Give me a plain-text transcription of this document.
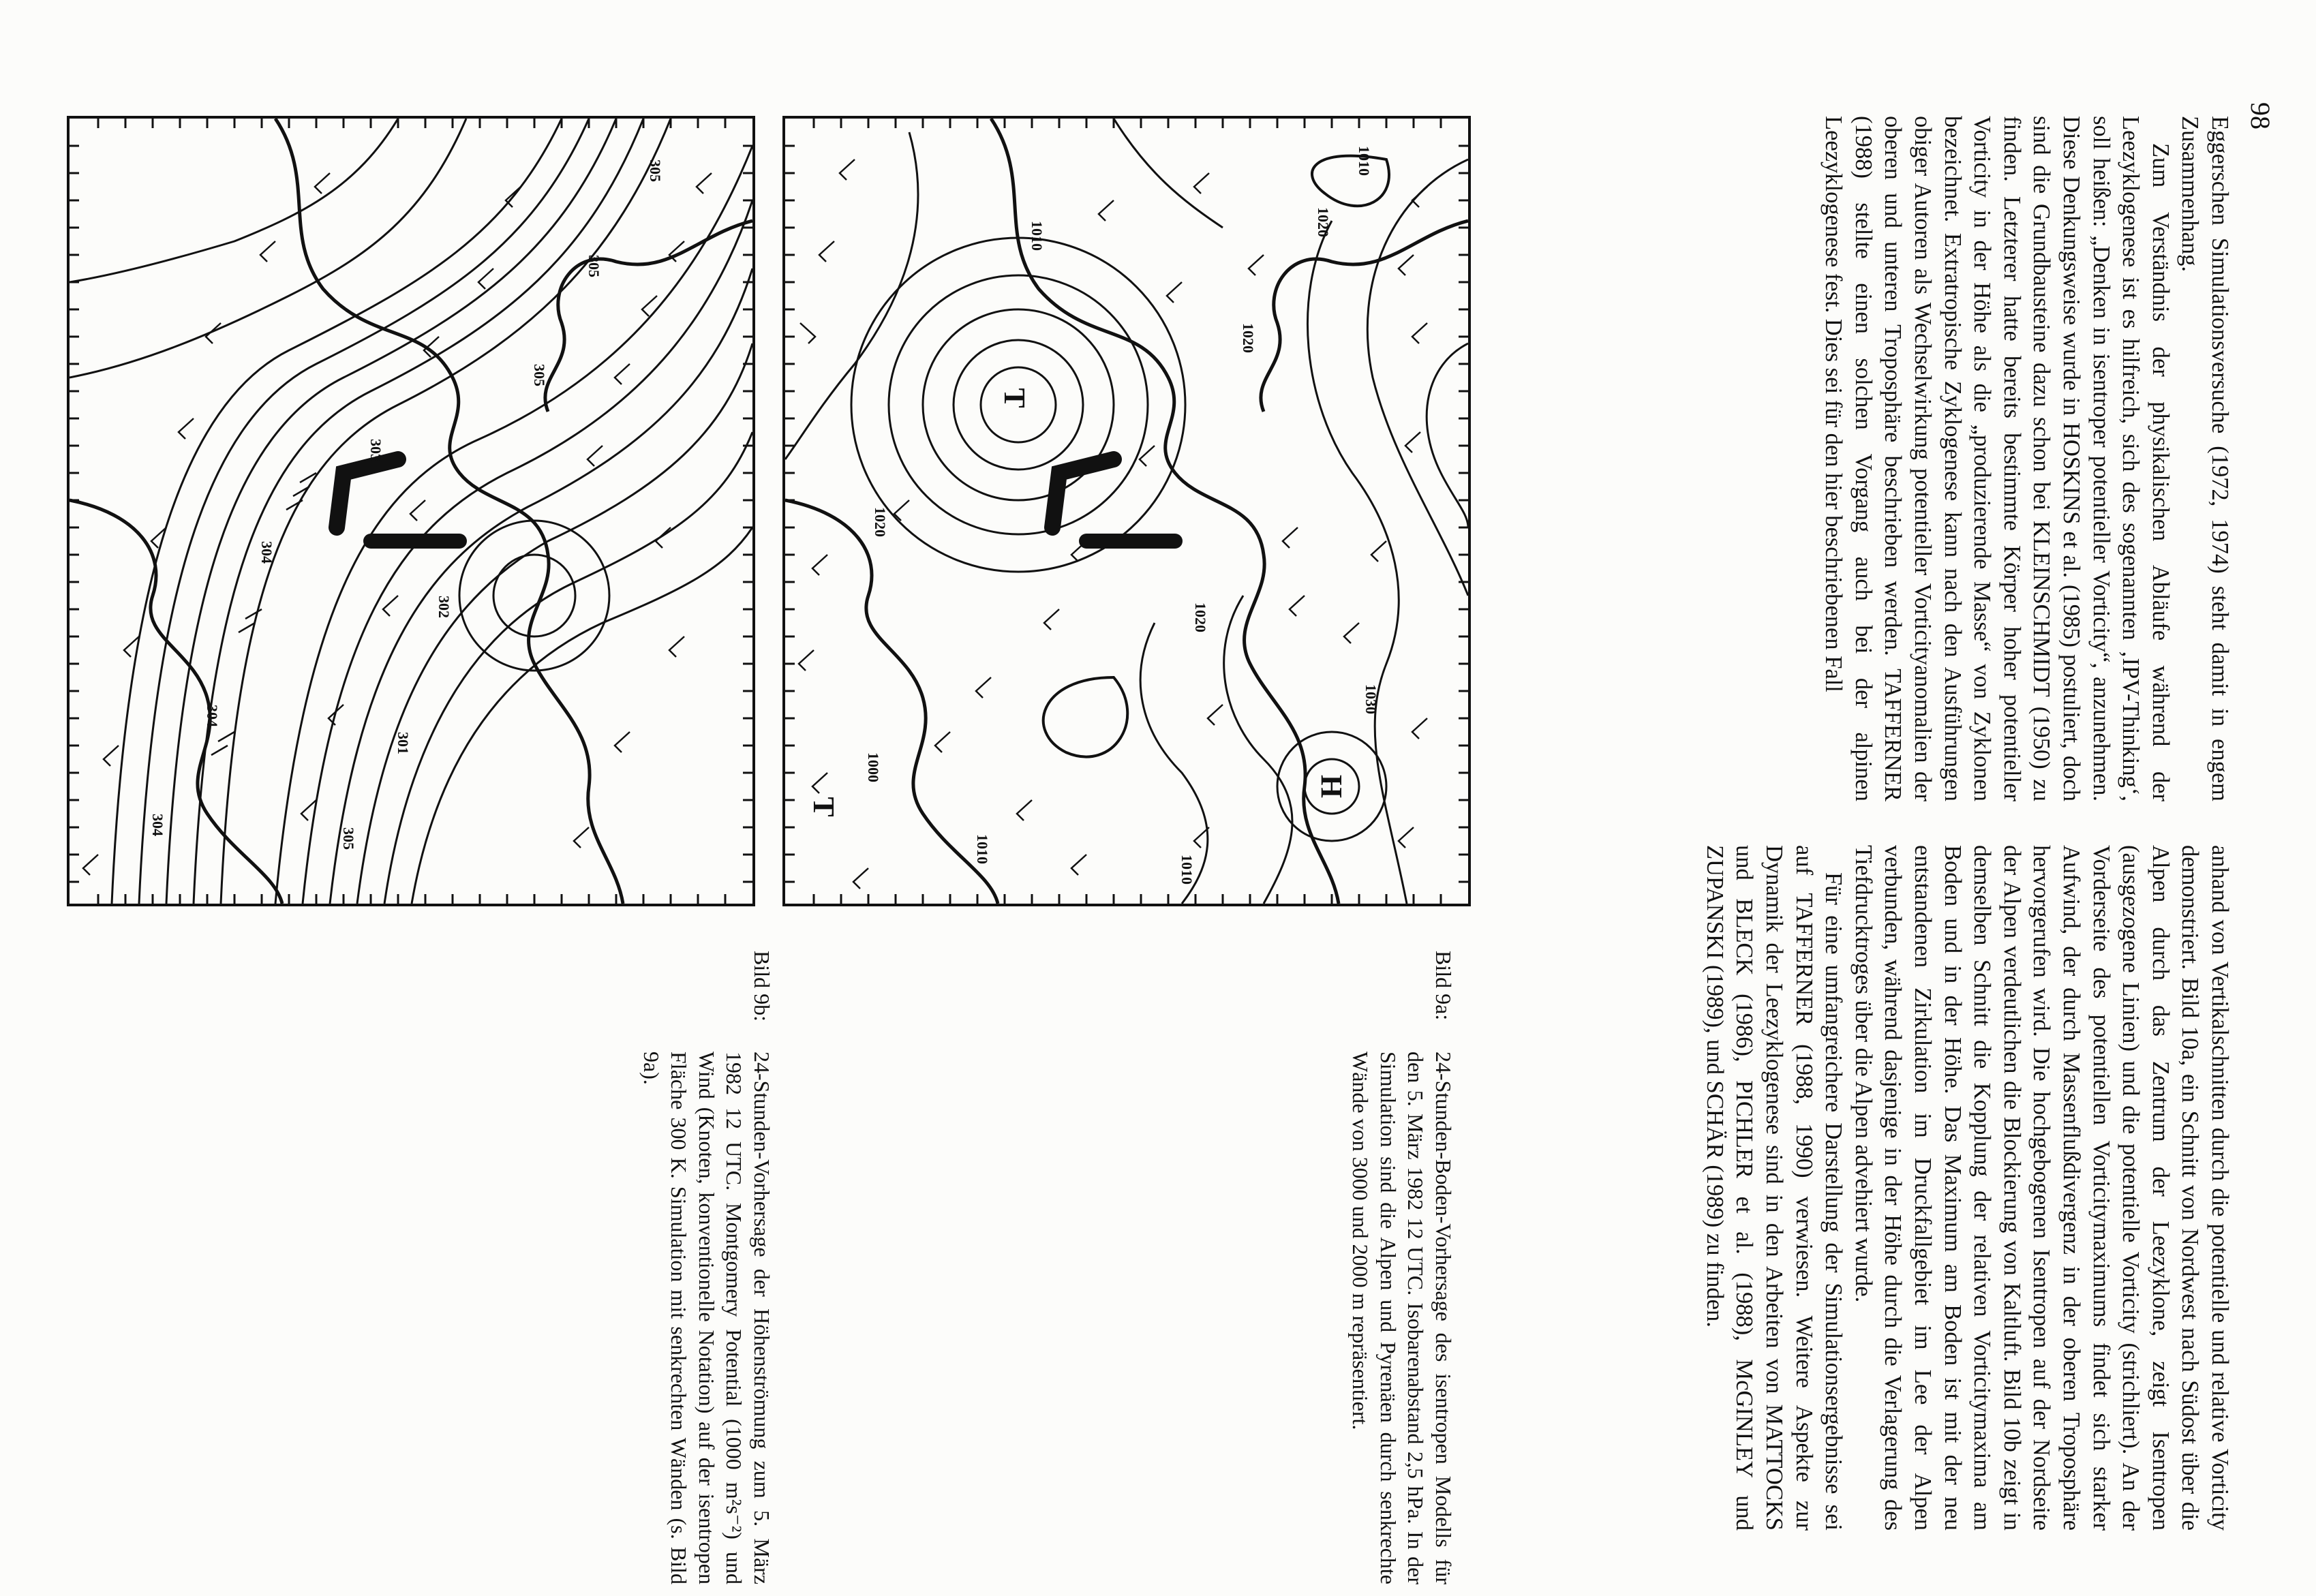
98

Eggerschen Simulationsversuche (1972, 1974) steht damit in engem Zusammenhang.

Zum Verständnis der physikalischen Abläufe während der Leezyklogenese ist es hilfreich, sich des sogenannten ‚IPV-Thinking‘, soll heißen: „Denken in isentroper potentieller Vorticity“, anzunehmen. Diese Denkungsweise wurde in HOSKINS et al. (1985) postuliert, doch sind die Grundbausteine dazu schon bei KLEINSCHMIDT (1950) zu finden. Letzterer hatte bereits bestimmte Körper hoher potentieller Vorticity in der Höhe als die „produzierende Masse“ von Zyklonen bezeichnet. Extratropische Zyklogenese kann nach den Ausführungen obiger Autoren als Wechselwirkung potentieller Vorticityanomalien der oberen und unteren Troposphäre beschrieben werden. TAFFERNER (1988) stellte einen solchen Vorgang auch bei der alpinen Leezyklogenese fest. Dies sei für den hier beschriebenen Fall

anhand von Vertikalschnitten durch die potentielle und relative Vorticity demonstriert. Bild 10a, ein Schnitt von Nordwest nach Südost über die Alpen durch das Zentrum der Leezyklone, zeigt Isentropen (ausgezogene Linien) und die potentielle Vorticity (strichliert). An der Vorderseite des potentiellen Vorticitymaximums findet sich starker Aufwind, der durch Massenflußdivergenz in der oberen Troposphäre hervorgerufen wird. Die hochgebogenen Isentropen auf der Nordseite der Alpen verdeutlichen die Blockierung von Kaltluft. Bild 10b zeigt in demselben Schnitt die Kopplung der relativen Vorticitymaxima am Boden und in der Höhe. Das Maximum am Boden ist mit der neu entstandenen Zirkulation im Druckfallgebiet im Lee der Alpen verbunden, während dasjenige in der Höhe durch die Verlagerung des Tiefdrucktroges über die Alpen advehiert wurde.

Für eine umfangreichere Darstellung der Simulationsergebnisse sei auf TAFFERNER (1988, 1990) verwiesen. Weitere Aspekte zur Dynamik der Leezyklogenese sind in den Arbeiten von MATTOCKS und BLECK (1986), PICHLER et al. (1988), McGINLEY und ZUPANSKI (1989), und SCHÄR (1989) zu finden.

H
T
T
1010
1020
1020
1030
1020
1020
1010
1000
1010
1010
305
305
305
303
304
304
302
301
304
305
Bild 9a:
24-Stunden-Boden-Vorhersage des isentropen Modells für den 5. März 1982 12 UTC. Isobarenabstand 2,5 hPa. In der Simulation sind die Alpen und Pyrenäen durch senkrechte Wände von 3000 und 2000 m repräsentiert.
Bild 9b:
24-Stunden-Vorhersage der Höhenströmung zum 5. März 1982 12 UTC. Montgomery Potential (1000 m²s⁻²) und Wind (Knoten, konventionelle Notation) auf der isentropen Fläche 300 K. Simulation mit senkrechten Wänden (s. Bild 9a).
